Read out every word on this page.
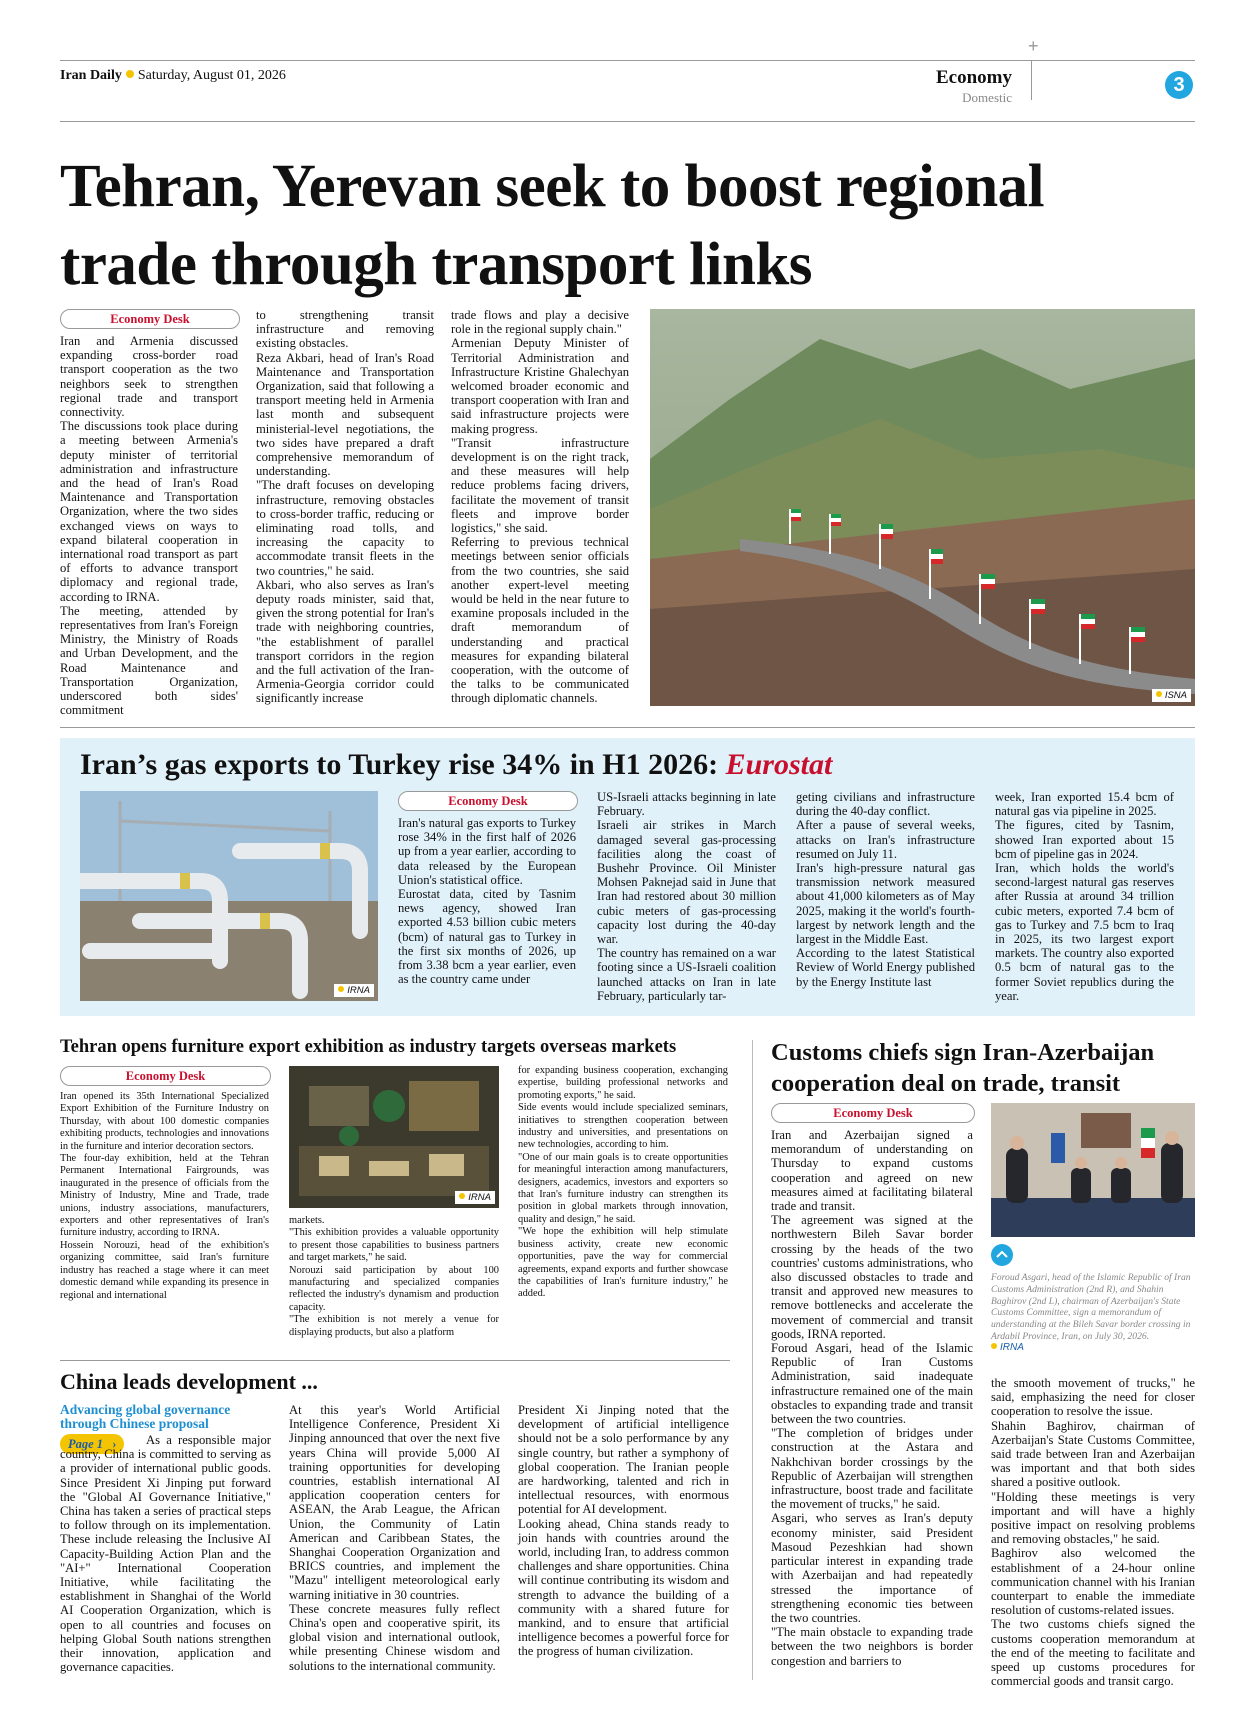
Iran Daily Saturday, August 01, 2026
+
Economy
Domestic
3
Tehran, Yerevan seek to boost regional
trade through transport links
Economy Desk
Iran and Armenia discussed expanding cross-border road transport cooperation as the two neighbors seek to strengthen regional trade and transport connectivity.
The discussions took place during a meeting between Armenia's deputy minister of territorial administration and infrastructure and the head of Iran's Road Maintenance and Transportation Organization, where the two sides exchanged views on ways to expand bilateral cooperation in international road transport as part of efforts to advance transport diplomacy and regional trade, according to IRNA.
The meeting, attended by representatives from Iran's Foreign Ministry, the Ministry of Roads and Urban Development, and the Road Maintenance and Transportation Organization, underscored both sides' commitment
to strengthening transit infrastructure and removing existing obstacles.
Reza Akbari, head of Iran's Road Maintenance and Transportation Organization, said that following a transport meeting held in Armenia last month and subsequent ministerial-level negotiations, the two sides have prepared a draft comprehensive memorandum of understanding.
"The draft focuses on developing infrastructure, removing obstacles to cross-border traffic, reducing or eliminating road tolls, and increasing the capacity to accommodate transit fleets in the two countries," he said.
Akbari, who also serves as Iran's deputy roads minister, said that, given the strong potential for Iran's trade with neighboring countries, "the establishment of parallel transport corridors in the region and the full activation of the Iran-Armenia-Georgia corridor could significantly increase
trade flows and play a decisive role in the regional supply chain."
Armenian Deputy Minister of Territorial Administration and Infrastructure Kristine Ghalechyan welcomed broader economic and transport cooperation with Iran and said infrastructure projects were making progress.
"Transit infrastructure development is on the right track, and these measures will help reduce problems facing drivers, facilitate the movement of transit fleets and improve border logistics," she said.
Referring to previous technical meetings between senior officials from the two countries, she said another expert-level meeting would be held in the near future to examine proposals included in the draft memorandum of understanding and practical measures for expanding bilateral cooperation, with the outcome of the talks to be communicated through diplomatic channels.	ISNA
Iran’s gas exports to Turkey rise 34% in H1 2026: Eurostat
IRNA
Economy Desk
Iran's natural gas exports to Turkey rose 34% in the first half of 2026 up from a year earlier, according to data released by the European Union's statistical office.
Eurostat data, cited by Tasnim news agency, showed Iran exported 4.53 billion cubic meters (bcm) of natural gas to Turkey in the first six months of 2026, up from 3.38 bcm a year earlier, even as the country came under
US-Israeli attacks beginning in late February.
Israeli air strikes in March damaged several gas-processing facilities along the coast of Bushehr Province. Oil Minister Mohsen Paknejad said in June that Iran had restored about 30 million cubic meters of gas-processing capacity lost during the 40-day war.
The country has remained on a war footing since a US-Israeli coalition launched attacks on Iran in late February, particularly tar-
geting civilians and infrastructure during the 40-day conflict.
After a pause of several weeks, attacks on Iran's infrastructure resumed on July 11.
Iran's high-pressure natural gas transmission network measured about 41,000 kilometers as of May 2025, making it the world's fourth-largest by network length and the largest in the Middle East.
According to the latest Statistical Review of World Energy published by the Energy Institute last
week, Iran exported 15.4 bcm of natural gas via pipeline in 2025.
The figures, cited by Tasnim, showed Iran exported about 15 bcm of pipeline gas in 2024.
Iran, which holds the world's second-largest natural gas reserves after Russia at around 34 trillion cubic meters, exported 7.4 bcm of gas to Turkey and 7.5 bcm to Iraq in 2025, its two largest export markets. The country also exported 0.5 bcm of natural gas to the former Soviet republics during the year.
Tehran opens furniture export exhibition as industry targets overseas markets
Economy Desk
Iran opened its 35th International Specialized Export Exhibition of the Furniture Industry on Thursday, with about 100 domestic companies exhibiting products, technologies and innovations in the furniture and interior decoration sectors.
The four-day exhibition, held at the Tehran Permanent International Fairgrounds, was inaugurated in the presence of officials from the Ministry of Industry, Mine and Trade, trade unions, industry associations, manufacturers, exporters and other representatives of Iran's furniture industry, according to IRNA.
Hossein Norouzi, head of the exhibition's organizing committee, said Iran's furniture industry has reached a stage where it can meet domestic demand while expanding its presence in regional and international
IRNA
markets.
"This exhibition provides a valuable opportunity to present those capabilities to business partners and target markets," he said.
Norouzi said participation by about 100 manufacturing and specialized companies reflected the industry's dynamism and production capacity.
"The exhibition is not merely a venue for displaying products, but also a platform
for expanding business cooperation, exchanging expertise, building professional networks and promoting exports," he said.
Side events would include specialized seminars, initiatives to strengthen cooperation between industry and universities, and presentations on new technologies, according to him.
"One of our main goals is to create opportunities for meaningful interaction among manufacturers, designers, academics, investors and exporters so that Iran's furniture industry can strengthen its position in global markets through innovation, quality and design," he said.
"We hope the exhibition will help stimulate business activity, create new economic opportunities, pave the way for commercial agreements, expand exports and further showcase the capabilities of Iran's furniture industry," he added.
China leads development ...
Advancing global governance through Chinese proposal
Page 1 ›	As a responsible major country, China is committed to serving as a provider of international public goods. Since President Xi Jinping put forward the "Global AI Governance Initiative," China has taken a series of practical steps to follow through on its implementation. These include releasing the Inclusive AI Capacity-Building Action Plan and the "AI+" International Cooperation Initiative, while facilitating the establishment in Shanghai of the World AI Cooperation Organization, which is open to all countries and focuses on helping Global South nations strengthen their innovation, application and governance capacities.
At this year's World Artificial Intelligence Conference, President Xi Jinping announced that over the next five years China will provide 5,000 AI training opportunities for developing countries, establish international AI application cooperation centers for ASEAN, the Arab League, the African Union, the Community of Latin American and Caribbean States, the Shanghai Cooperation Organization and BRICS countries, and implement the "Mazu" intelligent meteorological early warning initiative in 30 countries.
These concrete measures fully reflect China's open and cooperative spirit, its global vision and international outlook, while presenting Chinese wisdom and solutions to the international community.
President Xi Jinping noted that the development of artificial intelligence should not be a solo performance by any single country, but rather a symphony of global cooperation. The Iranian people are hardworking, talented and rich in intellectual resources, with enormous potential for AI development.
Looking ahead, China stands ready to join hands with countries around the world, including Iran, to address common challenges and share opportunities. China will continue contributing its wisdom and strength to advance the building of a community with a shared future for mankind, and to ensure that artificial intelligence becomes a powerful force for the progress of human civilization.
Customs chiefs sign Iran-Azerbaijan
cooperation deal on trade, transit
Economy Desk
Foroud Asgari, head of the Islamic Republic of Iran Customs Administration (2nd R), and Shahin Baghirov (2nd L), chairman of Azerbaijan's State Customs Committee, sign a memorandum of understanding at the Bileh Savar border crossing in Ardabil Province, Iran, on July 30, 2026.
IRNA
Iran and Azerbaijan signed a memorandum of understanding on Thursday to expand customs cooperation and agreed on new measures aimed at facilitating bilateral trade and transit.
The agreement was signed at the northwestern Bileh Savar border crossing by the heads of the two countries' customs administrations, who also discussed obstacles to trade and transit and approved new measures to remove bottlenecks and accelerate the movement of commercial and transit goods, IRNA reported.
Foroud Asgari, head of the Islamic Republic of Iran Customs Administration, said inadequate infrastructure remained one of the main obstacles to expanding trade and transit between the two countries.
"The completion of bridges under construction at the Astara and Nakhchivan border crossings by the Republic of Azerbaijan will strengthen infrastructure, boost trade and facilitate the movement of trucks," he said.
Asgari, who serves as Iran's deputy economy minister, said President Masoud Pezeshkian had shown particular interest in expanding trade with Azerbaijan and had repeatedly stressed the importance of strengthening economic ties between the two countries.
"The main obstacle to expanding trade between the two neighbors is border congestion and barriers to
the smooth movement of trucks," he said, emphasizing the need for closer cooperation to resolve the issue.
Shahin Baghirov, chairman of Azerbaijan's State Customs Committee, said trade between Iran and Azerbaijan was important and that both sides shared a positive outlook.
"Holding these meetings is very important and will have a highly positive impact on resolving problems and removing obstacles," he said.
Baghirov also welcomed the establishment of a 24-hour online communication channel with his Iranian counterpart to enable the immediate resolution of customs-related issues.
The two customs chiefs signed the customs cooperation memorandum at the end of the meeting to facilitate and speed up customs procedures for commercial goods and transit cargo.
